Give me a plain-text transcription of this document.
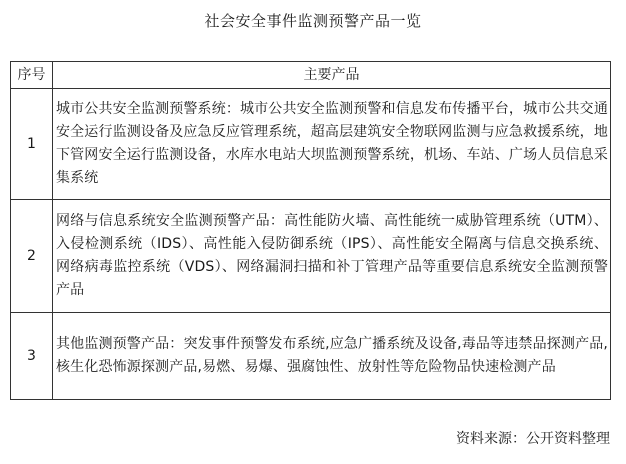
社会安全事件监测预警产品一览
序号	主要产品
1	城市公共安全监测预警系统：城市公共安全监测预警和信息发布传播平台，城市公共交通安全运行监测设备及应急反应管理系统，超高层建筑安全物联网监测与应急救援系统，地下管网安全运行监测设备，水库水电站大坝监测预警系统，机场、车站、广场人员信息采集系统
2	网络与信息系统安全监测预警产品：高性能防火墙、高性能统一威胁管理系统（UTM）、入侵检测系统（IDS）、高性能入侵防御系统（IPS）、高性能安全隔离与信息交换系统、网络病毒监控系统（VDS）、网络漏洞扫描和补丁管理产品等重要信息系统安全监测预警产品
3	其他监测预警产品：突发事件预警发布系统,应急广播系统及设备,毒品等违禁品探测产品,核生化恐怖源探测产品,易燃、易爆、强腐蚀性、放射性等危险物品快速检测产品
资料来源：公开资料整理
